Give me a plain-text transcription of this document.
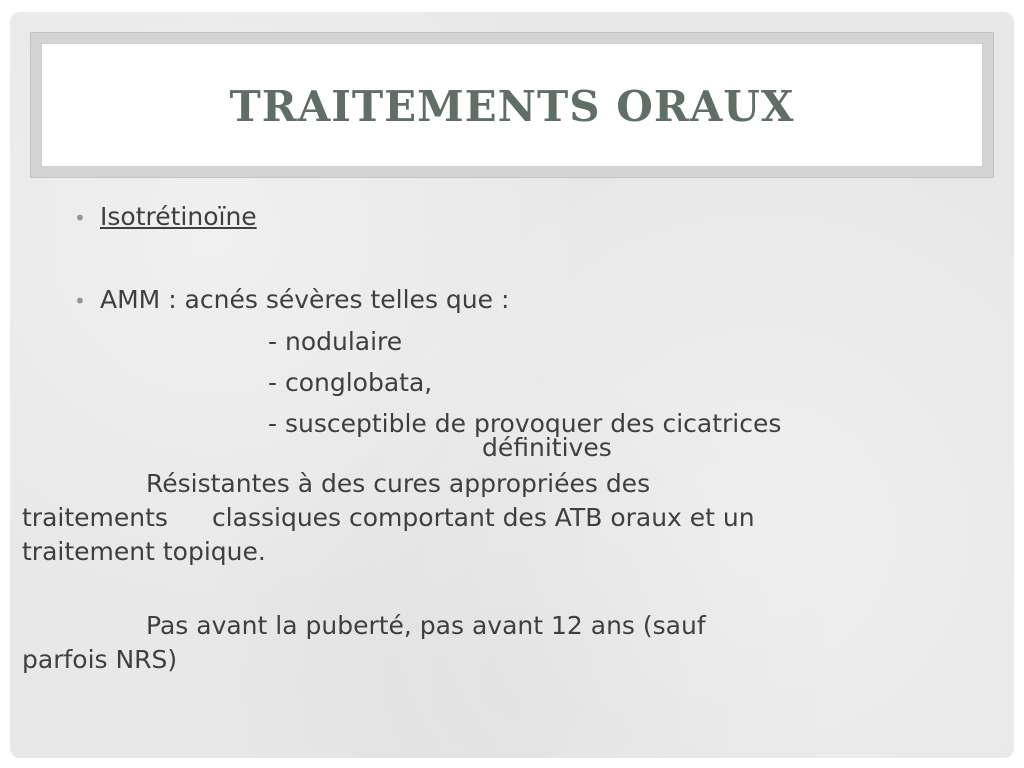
TRAITEMENTS ORAUX
• Isotrétinoïne
• AMM : acnés sévères telles que :
- nodulaire
- conglobata,
- susceptible de provoquer des cicatrices
définitives

Résistantes à des cures appropriées des

traitements classiques comportant des ATB oraux et un

traitement topique.

Pas avant la puberté, pas avant 12 ans (sauf

parfois NRS)
